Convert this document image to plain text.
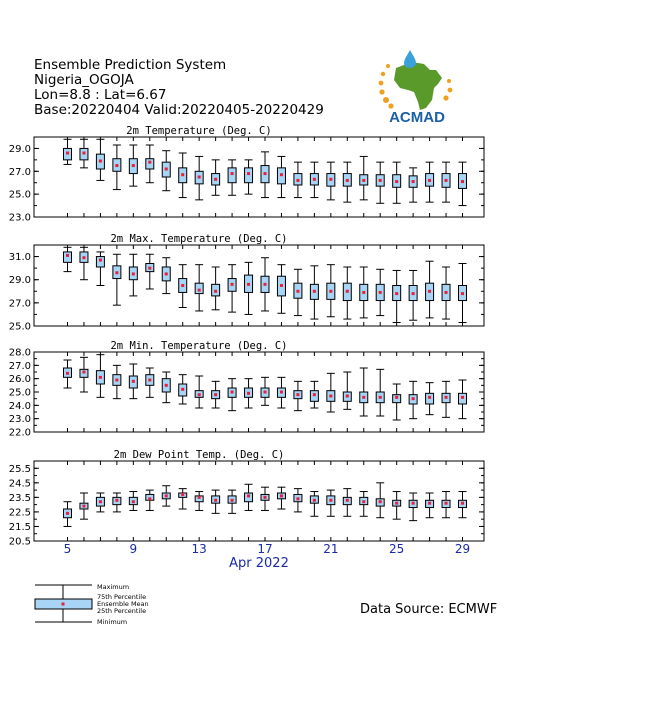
Ensemble Prediction System
Nigeria_OGOJA
Lon=8.8 : Lat=6.67
Base:20220404 Valid:20220405-20220429	ACMAD
2m Temperature (Deg. C)
29.0
27.0
25.0
23.0
2m Max. Temperature (Deg. C)
31.0
29.0
27.0
25.0
2m Min. Temperature (Deg. C)
28.0
27.0
26.0
25.0
24.0
23.0
22.0
2m Dew Point Temp. (Deg. C)
25.5
24.5
23.5
22.5
21.5
20.5
Apr 2022
5	9	13	17	21	25	29
Maximum
75th Percentile
Ensemble Mean
25th Percentile
Minimum
Data Source: ECMWF
